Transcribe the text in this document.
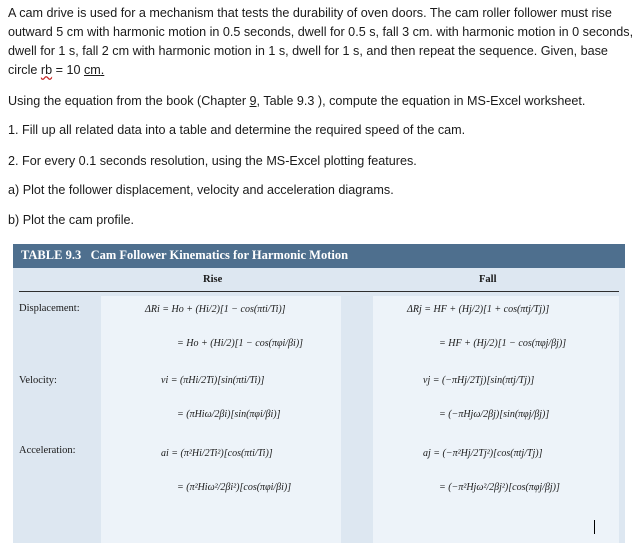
A cam drive is used for a mechanism that tests the durability of oven doors. The cam roller follower must rise outward 5 cm with harmonic motion in 0.5 seconds, dwell for 0.5 s, fall 3 cm. with harmonic motion in 0 seconds, dwell for 1 s, fall 2 cm with harmonic motion in 1 s, dwell for 1 s, and then repeat the sequence. Given, base circle rb = 10 cm.
Using the equation from the book (Chapter 9, Table 9.3 ), compute the equation in MS-Excel worksheet.
1. Fill up all related data into a table and determine the required speed of the cam.
2. For every 0.1 seconds resolution, using the MS-Excel plotting features.
a) Plot the follower displacement, velocity and acceleration diagrams.
b) Plot the cam profile.
TABLE 9.3 Cam Follower Kinematics for Harmonic Motion
Rise	Fall
Displacement:
Velocity:
Acceleration:
ΔRi = Ho + (Hi/2)[1 − cos(πti/Ti)]
= Ho + (Hi/2)[1 − cos(πφi/βi)]
ΔRj = HF + (Hj/2)[1 + cos(πtj/Tj)]
= HF + (Hj/2)[1 − cos(πφj/βj)]
vi = (πHi/2Ti)[sin(πti/Ti)]
= (πHiω/2βi)[sin(πφi/βi)]
vj = (−πHj/2Tj)[sin(πtj/Tj)]
= (−πHjω/2βj)[sin(πφj/βj)]
ai = (π²Hi/2Ti²)[cos(πti/Ti)]
= (π²Hiω²/2βi²)[cos(πφi/βi)]
aj = (−π²Hj/2Tj²)[cos(πtj/Tj)]
= (−π²Hjω²/2βj²)[cos(πφj/βj)]
